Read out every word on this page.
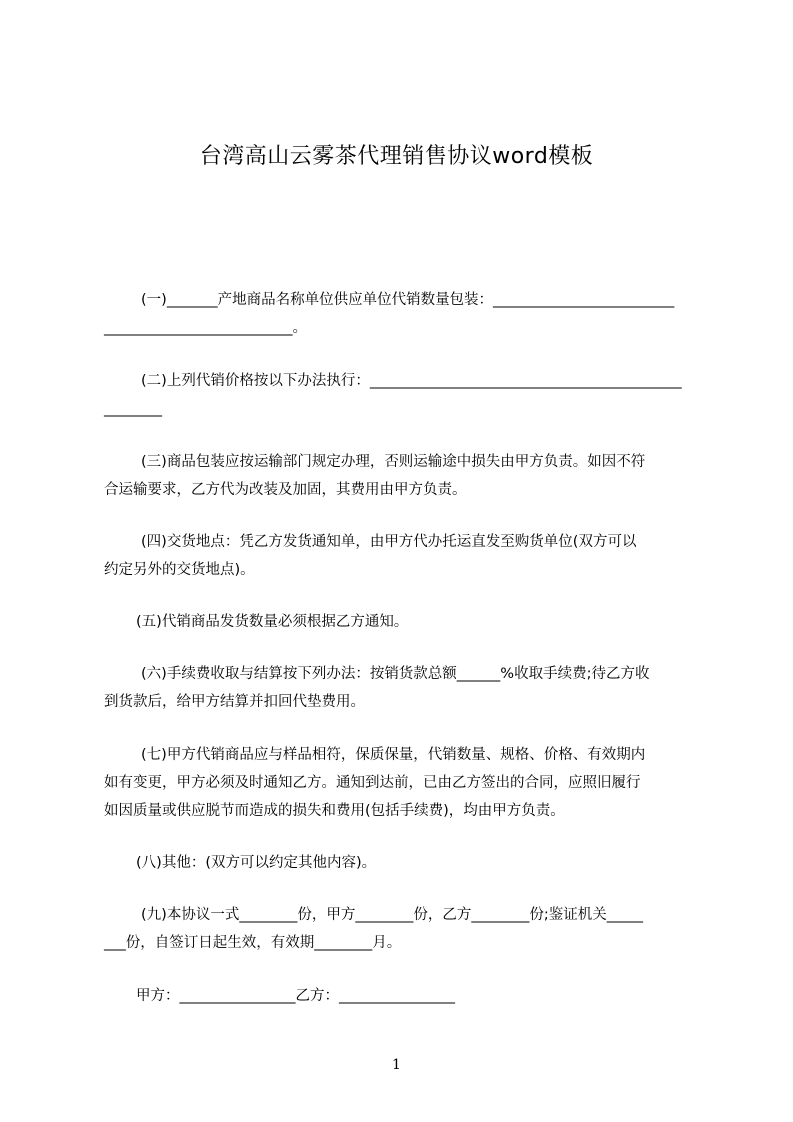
台湾高山云雾茶代理销售协议word模板
(一)_______产地商品名称单位供应单位代销数量包装：_________________________
__________________________。
(二)上列代销价格按以下办法执行：___________________________________________
________
(三)商品包装应按运输部门规定办理，否则运输途中损失由甲方负责。如因不符
合运输要求，乙方代为改装及加固，其费用由甲方负责。
(四)交货地点：凭乙方发货通知单，由甲方代办托运直发至购货单位(双方可以
约定另外的交货地点)。
(五)代销商品发货数量必须根据乙方通知。
(六)手续费收取与结算按下列办法：按销货款总额______%收取手续费;待乙方收
到货款后，给甲方结算并扣回代垫费用。
(七)甲方代销商品应与样品相符，保质保量，代销数量、规格、价格、有效期内
如有变更，甲方必须及时通知乙方。通知到达前，已由乙方签出的合同，应照旧履行
如因质量或供应脱节而造成的损失和费用(包括手续费)，均由甲方负责。
(八)其他：(双方可以约定其他内容)。
(九)本协议一式________份，甲方________份，乙方________份;鉴证机关_____
___份，自签订日起生效，有效期________月。
甲方：________________乙方：________________
1
